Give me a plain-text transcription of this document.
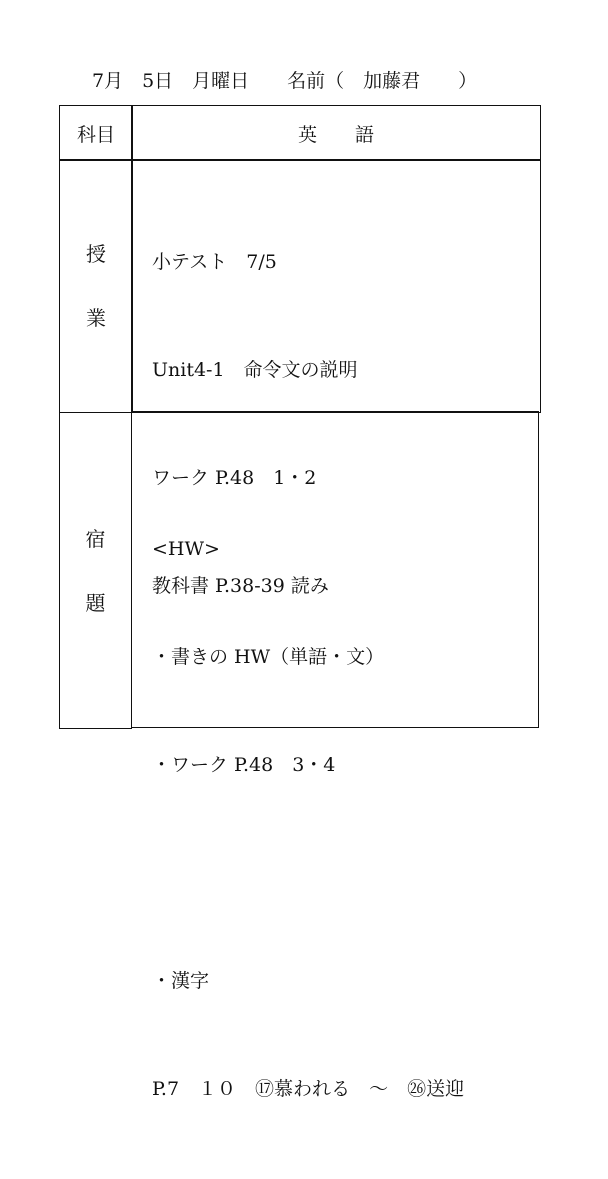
7月　5日　月曜日　　名前（　加藤君　　）
科目	英　　語
授
業

小テスト　7/5

Unit4-1　命令文の説明

ワーク P.48　1・2

教科書 P.38-39 読み

宿
題

<HW>

・書きの HW（単語・文）

・ワーク P.48　3・4

・漢字

P.7　１０　⑰慕われる　～　㉖送迎
